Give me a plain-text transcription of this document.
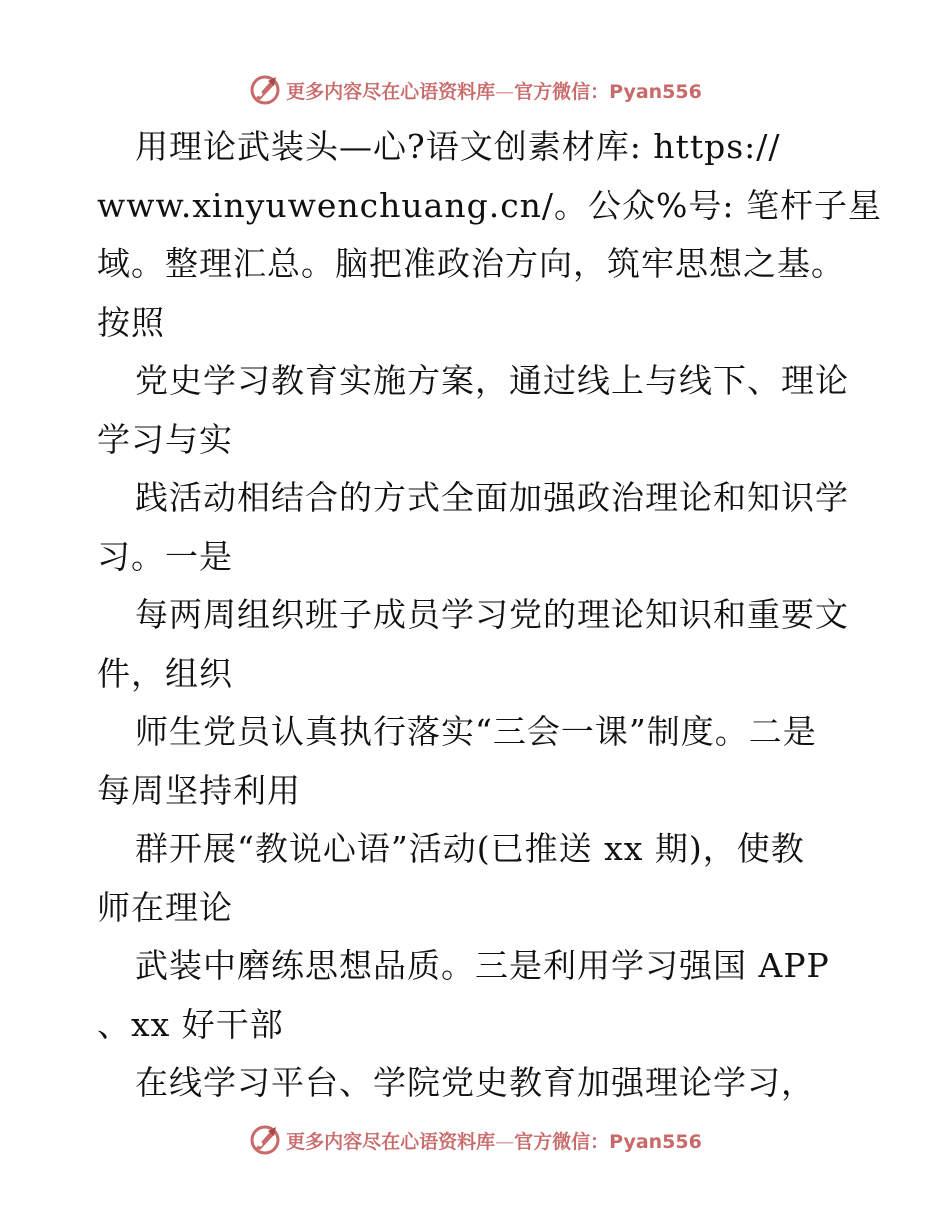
更多内容尽在心语资料库—官方微信：Pyan556
用理论武装头—心?语文创素材库: https://
www.xinyuwenchuang.cn/。公众%号: 笔杆子星
域。整理汇总。脑把准政治方向，筑牢思想之基。
按照
党史学习教育实施方案，通过线上与线下、理论
学习与实
践活动相结合的方式全面加强政治理论和知识学
习。一是
每两周组织班子成员学习党的理论知识和重要文
件，组织
师生党员认真执行落实“三会一课”制度。二是
每周坚持利用
群开展“教说心语”活动(已推送 xx 期)，使教
师在理论
武装中磨练思想品质。三是利用学习强国 APP
、xx 好干部
在线学习平台、学院党史教育加强理论学习，
更多内容尽在心语资料库—官方微信：Pyan556
